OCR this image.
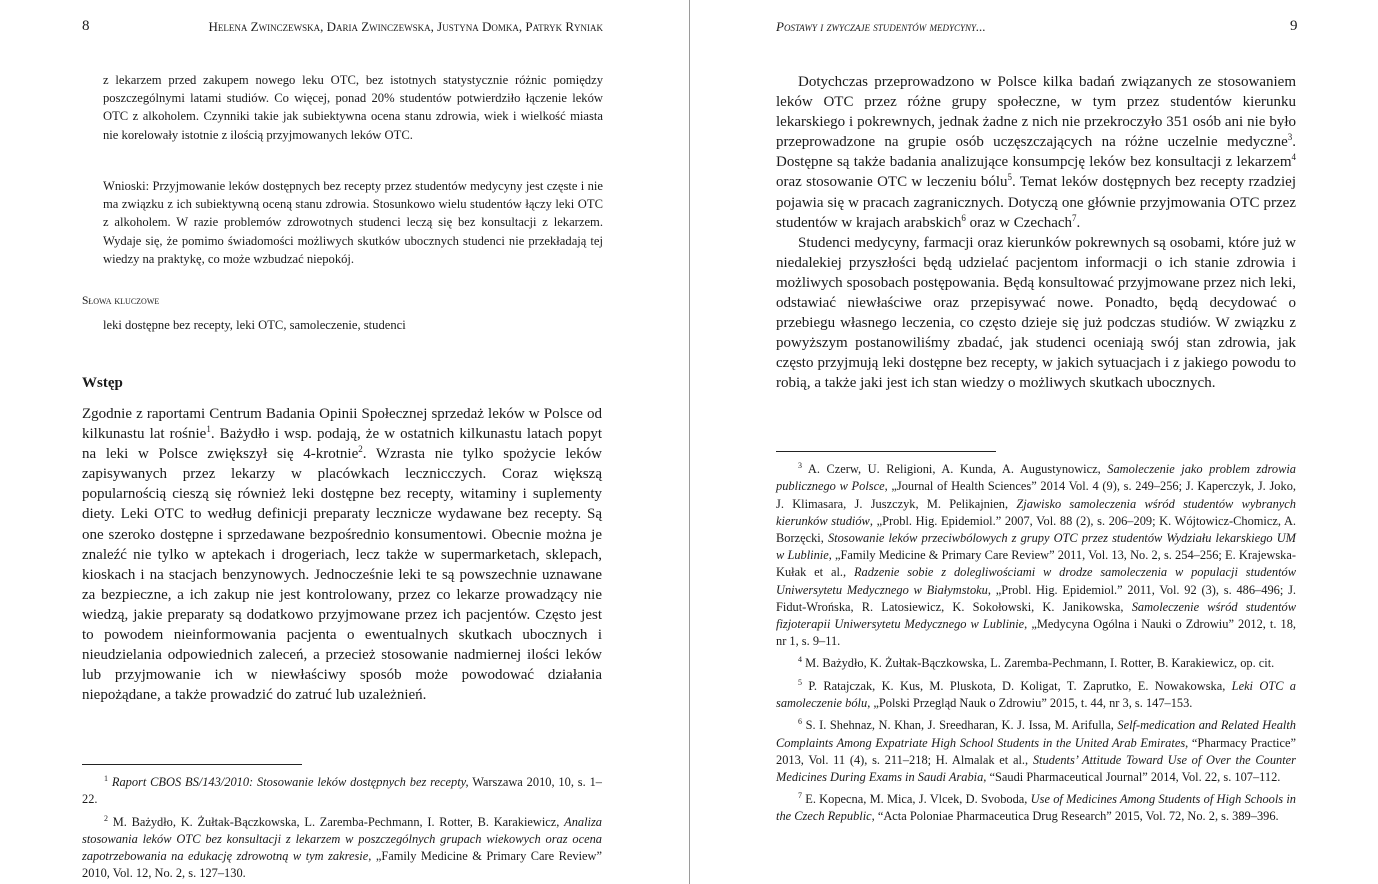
8	Helena Zwinczewska, Daria Zwinczewska, Justyna Domka, Patryk Ryniak
z lekarzem przed zakupem nowego leku OTC, bez istotnych statystycznie różnic pomiędzy poszczególnymi latami studiów. Co więcej, ponad 20% studentów potwierdziło łączenie leków OTC z alkoholem. Czynniki takie jak subiektywna ocena stanu zdrowia, wiek i wielkość miasta nie korelowały istotnie z ilością przyjmowanych leków OTC.
Wnioski: Przyjmowanie leków dostępnych bez recepty przez studentów medycyny jest częste i nie ma związku z ich subiektywną oceną stanu zdrowia. Stosunkowo wielu studentów łączy leki OTC z alkoholem. W razie problemów zdrowotnych studenci leczą się bez konsultacji z lekarzem. Wydaje się, że pomimo świadomości możliwych skutków ubocznych studenci nie przekładają tej wiedzy na praktykę, co może wzbudzać niepokój.
Słowa kluczowe
leki dostępne bez recepty, leki OTC, samoleczenie, studenci
Wstęp

Zgodnie z raportami Centrum Badania Opinii Społecznej sprzedaż leków w Polsce od kilkunastu lat rośnie$^1$. Bażydło i wsp. podają, że w ostatnich kilkunastu latach popyt na leki w Polsce zwiększył się 4-krotnie$^2$. Wzrasta nie tylko spożycie leków zapisywanych przez lekarzy w placówkach lecznicczych. Coraz większą popularnością cieszą się również leki dostępne bez recepty, witaminy i suplementy diety. Leki OTC to według definicji preparaty lecznicze wydawane bez recepty. Są one szeroko dostępne i sprzedawane bezpośrednio konsumentowi. Obecnie można je znaleźć nie tylko w aptekach i drogeriach, lecz także w supermarketach, sklepach, kioskach i na stacjach benzynowych. Jednocześnie leki te są powszechnie uznawane za bezpieczne, a ich zakup nie jest kontrolowany, przez co lekarze prowadzący nie wiedzą, jakie preparaty są dodatkowo przyjmowane przez ich pacjentów. Często jest to powodem nieinformowania pacjenta o ewentualnych skutkach ubocznych i nieudzielania odpowiednich zaleceń, a przecież stosowanie nadmiernej ilości leków lub przyjmowanie ich w niewłaściwy sposób może powodować działania niepożądane, a także prowadzić do zatruć lub uzależnień.

$^1$ Raport CBOS BS/143/2010: Stosowanie leków dostępnych bez recepty, Warszawa 2010, 10, s. 1–22.

$^2$ M. Bażydło, K. Żułtak-Bączkowska, L. Zaremba-Pechmann, I. Rotter, B. Karakiewicz, Analiza stosowania leków OTC bez konsultacji z lekarzem w poszczególnych grupach wiekowych oraz ocena zapotrzebowania na edukację zdrowotną w tym zakresie, „Family Medicine & Primary Care Review” 2010, Vol. 12, No. 2, s. 127–130.

Postawy i zwyczaje studentów medycyny...	9

Dotychczas przeprowadzono w Polsce kilka badań związanych ze stosowaniem leków OTC przez różne grupy społeczne, w tym przez studentów kierunku lekarskiego i pokrewnych, jednak żadne z nich nie przekroczyło 351 osób ani nie było przeprowadzone na grupie osób uczęszczających na różne uczelnie medyczne$^3$. Dostępne są także badania analizujące konsumpcję leków bez konsultacji z lekarzem$^4$ oraz stosowanie OTC w leczeniu bólu$^5$. Temat leków dostępnych bez recepty rzadziej pojawia się w pracach zagranicznych. Dotyczą one głównie przyjmowania OTC przez studentów w krajach arabskich$^6$ oraz w Czechach$^7$.

Studenci medycyny, farmacji oraz kierunków pokrewnych są osobami, które już w niedalekiej przyszłości będą udzielać pacjentom informacji o ich stanie zdrowia i możliwych sposobach postępowania. Będą konsultować przyjmowane przez nich leki, odstawiać niewłaściwe oraz przepisywać nowe. Ponadto, będą decydować o przebiegu własnego leczenia, co często dzieje się już podczas studiów. W związku z powyższym postanowiliśmy zbadać, jak studenci oceniają swój stan zdrowia, jak często przyjmują leki dostępne bez recepty, w jakich sytuacjach i z jakiego powodu to robią, a także jaki jest ich stan wiedzy o możliwych skutkach ubocznych.

$^3$ A. Czerw, U. Religioni, A. Kunda, A. Augustynowicz, Samoleczenie jako problem zdrowia publicznego w Polsce, „Journal of Health Sciences” 2014 Vol. 4 (9), s. 249–256; J. Kaperczyk, J. Joko, J. Klimasara, J. Juszczyk, M. Pelikajnien, Zjawisko samoleczenia wśród studentów wybranych kierunków studiów, „Probl. Hig. Epidemiol.” 2007, Vol. 88 (2), s. 206–209; K. Wójtowicz-Chomicz, A. Borzęcki, Stosowanie leków przeciwbólowych z grupy OTC przez studentów Wydziału lekarskiego UM w Lublinie, „Family Medicine & Primary Care Review” 2011, Vol. 13, No. 2, s. 254–256; E. Krajewska-Kułak et al., Radzenie sobie z dolegliwościami w drodze samoleczenia w populacji studentów Uniwersytetu Medycznego w Białymstoku, „Probl. Hig. Epidemiol.” 2011, Vol. 92 (3), s. 486–496; J. Fidut-Wrońska, R. Latosiewicz, K. Sokołowski, K. Janikowska, Samoleczenie wśród studentów fizjoterapii Uniwersytetu Medycznego w Lublinie, „Medycyna Ogólna i Nauki o Zdrowiu” 2012, t. 18, nr 1, s. 9–11.

$^4$ M. Bażydło, K. Żułtak-Bączkowska, L. Zaremba-Pechmann, I. Rotter, B. Karakiewicz, op. cit.

$^5$ P. Ratajczak, K. Kus, M. Pluskota, D. Koligat, T. Zaprutko, E. Nowakowska, Leki OTC a samoleczenie bólu, „Polski Przegląd Nauk o Zdrowiu” 2015, t. 44, nr 3, s. 147–153.

$^6$ S. I. Shehnaz, N. Khan, J. Sreedharan, K. J. Issa, M. Arifulla, Self-medication and Related Health Complaints Among Expatriate High School Students in the United Arab Emirates, “Pharmacy Practice” 2013, Vol. 11 (4), s. 211–218; H. Almalak et al., Students’ Attitude Toward Use of Over the Counter Medicines During Exams in Saudi Arabia, “Saudi Pharmaceutical Journal” 2014, Vol. 22, s. 107–112.

$^7$ E. Kopecna, M. Mica, J. Vlcek, D. Svoboda, Use of Medicines Among Students of High Schools in the Czech Republic, “Acta Poloniae Pharmaceutica Drug Research” 2015, Vol. 72, No. 2, s. 389–396.
